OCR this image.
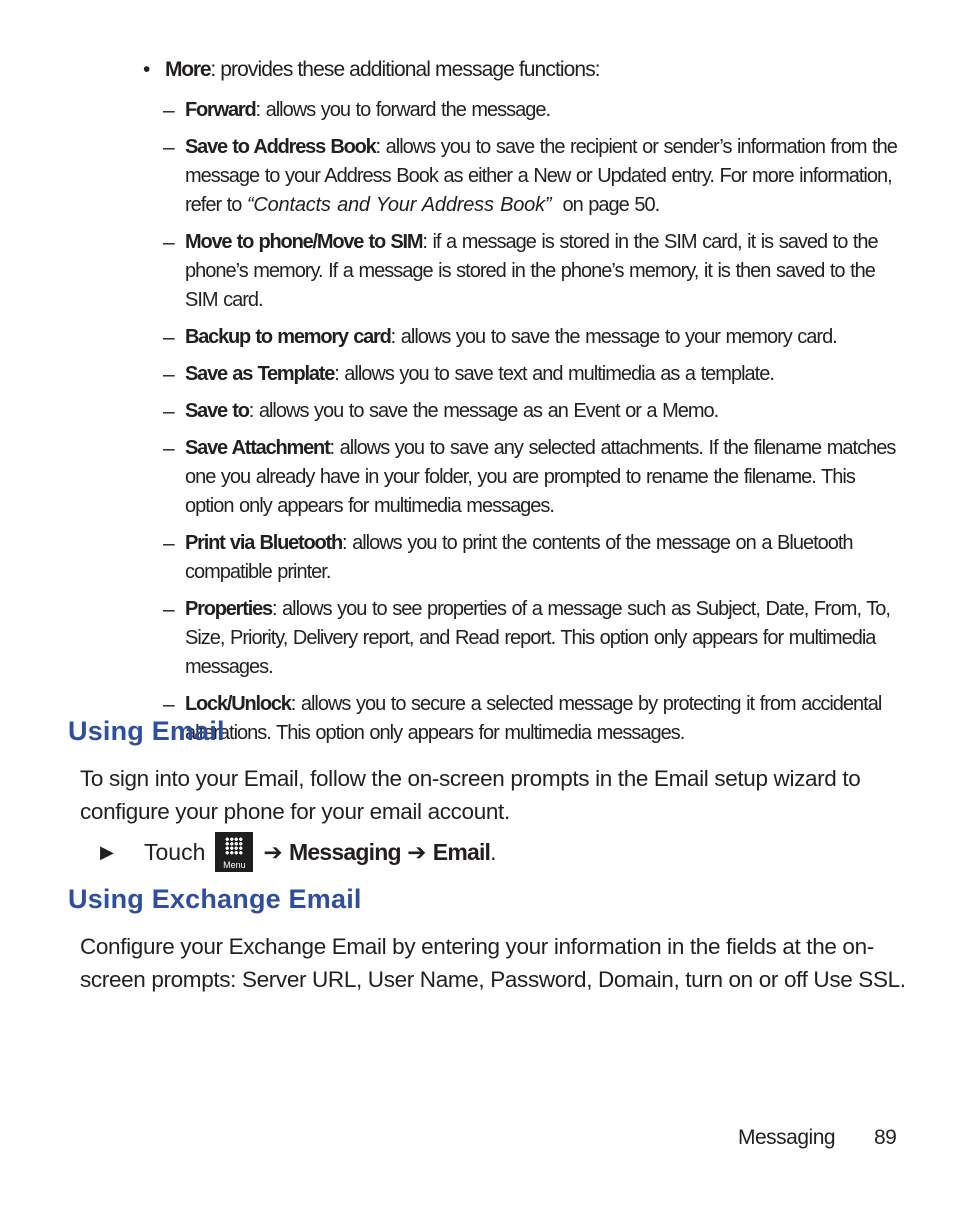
• More: provides these additional message functions:
– Forward: allows you to forward the message.
– Save to Address Book: allows you to save the recipient or sender’s information from the message to your Address Book as either a New or Updated entry. For more information, refer to “Contacts and Your Address Book”  on page 50.
– Move to phone/Move to SIM: if a message is stored in the SIM card, it is saved to the phone’s memory. If a message is stored in the phone’s memory, it is then saved to the SIM card.
– Backup to memory card: allows you to save the message to your memory card.
– Save as Template: allows you to save text and multimedia as a template.
– Save to: allows you to save the message as an Event or a Memo.
– Save Attachment: allows you to save any selected attachments. If the filename matches one you already have in your folder, you are prompted to rename the filename. This option only appears for multimedia messages.
– Print via Bluetooth: allows you to print the contents of the message on a Bluetooth compatible printer.
– Properties: allows you to see properties of a message such as Subject, Date, From, To, Size, Priority, Delivery report, and Read report. This option only appears for multimedia messages.
– Lock/Unlock: allows you to secure a selected message by protecting it from accidental alterations. This option only appears for multimedia messages.
Using Email
To sign into your Email, follow the on-screen prompts in the Email setup wizard to configure your phone for your email account.
▶	Touch
Menu
➔
Messaging
➔
Email .
Using Exchange Email
Configure your Exchange Email by entering your information in the fields at the on-screen prompts: Server URL, User Name, Password, Domain, turn on or off Use SSL.
Messaging 89
